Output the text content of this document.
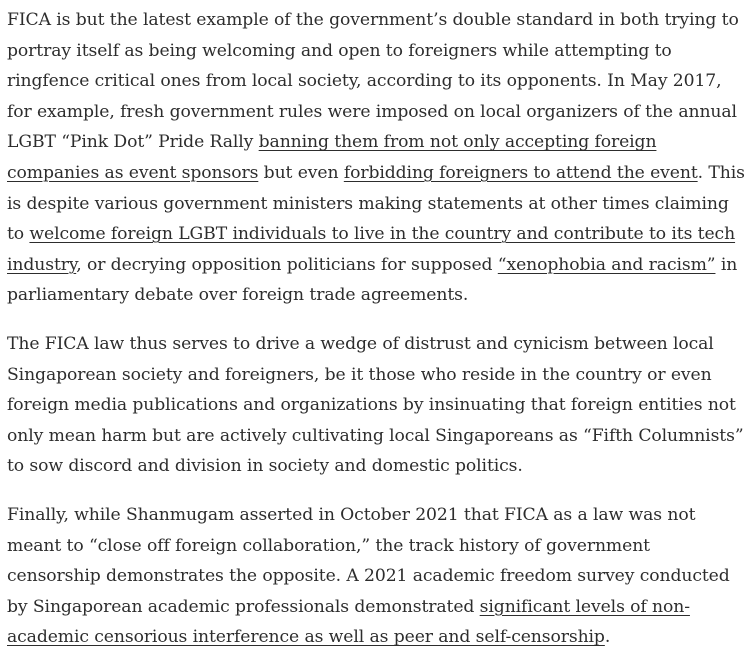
FICA is but the latest example of the government’s double standard in both trying to portray itself as being welcoming and open to foreigners while attempting to ringfence critical ones from local society, according to its opponents. In May 2017, for example, fresh government rules were imposed on local organizers of the annual LGBT “Pink Dot” Pride Rally banning them from not only accepting foreign companies as event sponsors but even forbidding foreigners to attend the event. This is despite various government ministers making statements at other times claiming to welcome foreign LGBT individuals to live in the country and contribute to its tech industry, or decrying opposition politicians for supposed “xenophobia and racism” in parliamentary debate over foreign trade agreements.

The FICA law thus serves to drive a wedge of distrust and cynicism between local Singaporean society and foreigners, be it those who reside in the country or even foreign media publications and organizations by insinuating that foreign entities not only mean harm but are actively cultivating local Singaporeans as “Fifth Columnists” to sow discord and division in society and domestic politics.

Finally, while Shanmugam asserted in October 2021 that FICA as a law was not meant to “close off foreign collaboration,” the track history of government censorship demonstrates the opposite. A 2021 academic freedom survey conducted by Singaporean academic professionals demonstrated significant levels of non-academic censorious interference as well as peer and self-censorship.
